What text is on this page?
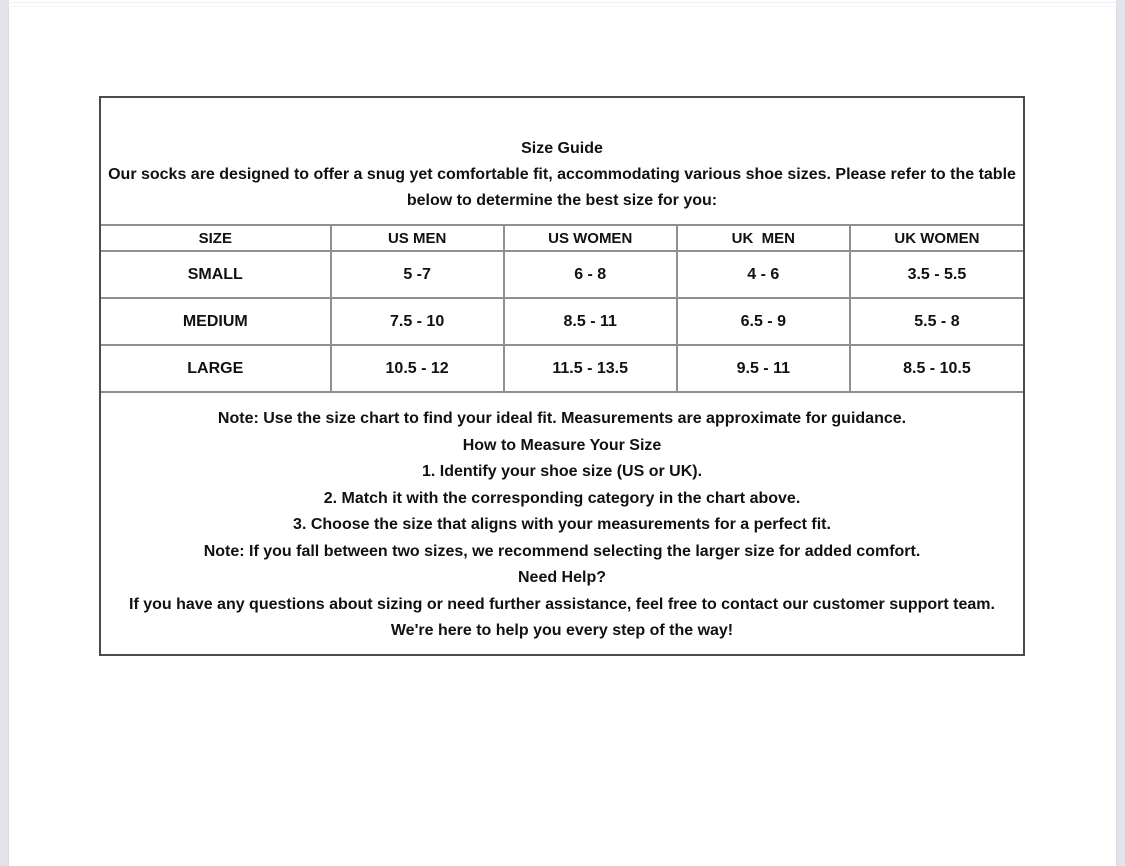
Size Guide
Our socks are designed to offer a snug yet comfortable fit, accommodating various shoe sizes. Please refer to the table below to determine the best size for you:
SIZE	US MEN	US WOMEN	UK  MEN	UK WOMEN
SMALL	5 -7	6 - 8	4 - 6	3.5 - 5.5
MEDIUM	7.5 - 10	8.5 - 11	6.5 - 9	5.5 - 8
LARGE	10.5 - 12	11.5 - 13.5	9.5 - 11	8.5 - 10.5
Note: Use the size chart to find your ideal fit. Measurements are approximate for guidance.
How to Measure Your Size
1. Identify your shoe size (US or UK).
2. Match it with the corresponding category in the chart above.
3. Choose the size that aligns with your measurements for a perfect fit.
Note: If you fall between two sizes, we recommend selecting the larger size for added comfort.
Need Help?
If you have any questions about sizing or need further assistance, feel free to contact our customer support team. We're here to help you every step of the way!
